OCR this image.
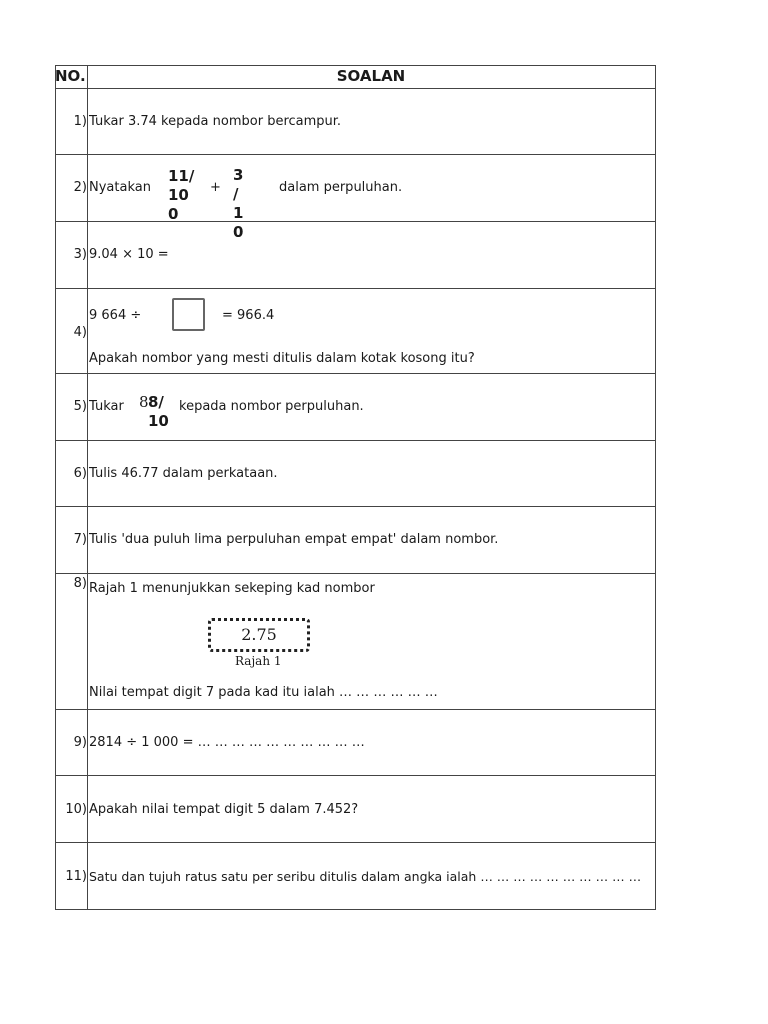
NO.	SOALAN
1) Tukar 3.74 kepada nombor bercampur.
2) Nyatakan
11/
10
0
+
3
/
1
0
dalam perpuluhan.
3) 9.04 × 10 =
4)
9 664 ÷	= 966.4
Apakah nombor yang mesti ditulis dalam kotak kosong itu?
5) Tukar 8 8/
10
kepada nombor perpuluhan.
6) Tulis 46.77 dalam perkataan.
7) Tulis 'dua puluh lima perpuluhan empat empat' dalam nombor.
8) Rajah 1 menunjukkan sekeping kad nombor
2.75
Rajah 1
Nilai tempat digit 7 pada kad itu ialah … … … … … …
9) 2814 ÷ 1 000 = … … … … … … … … … …
10) Apakah nilai tempat digit 5 dalam 7.452?
11) Satu dan tujuh ratus satu per seribu ditulis dalam angka ialah … … … … … … … … … …
